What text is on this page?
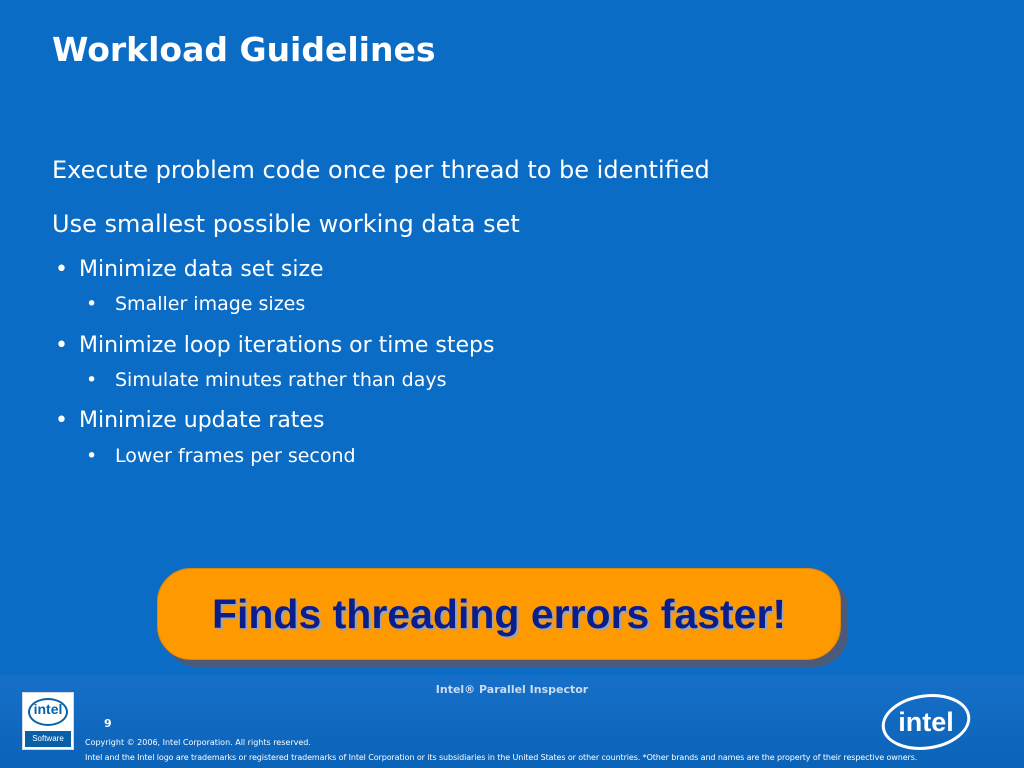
Workload Guidelines
Execute problem code once per thread to be identified
Use smallest possible working data set
• Minimize data set size
• Smaller image sizes
• Minimize loop iterations or time steps
• Simulate minutes rather than days
• Minimize update rates
• Lower frames per second
Finds threading errors faster!
intel
Software
Intel® Parallel Inspector
9
Copyright © 2006, Intel Corporation. All rights reserved.
Intel and the Intel logo are trademarks or registered trademarks of Intel Corporation or its subsidiaries in the United States or other countries. *Other brands and names are the property of their respective owners.
intel
